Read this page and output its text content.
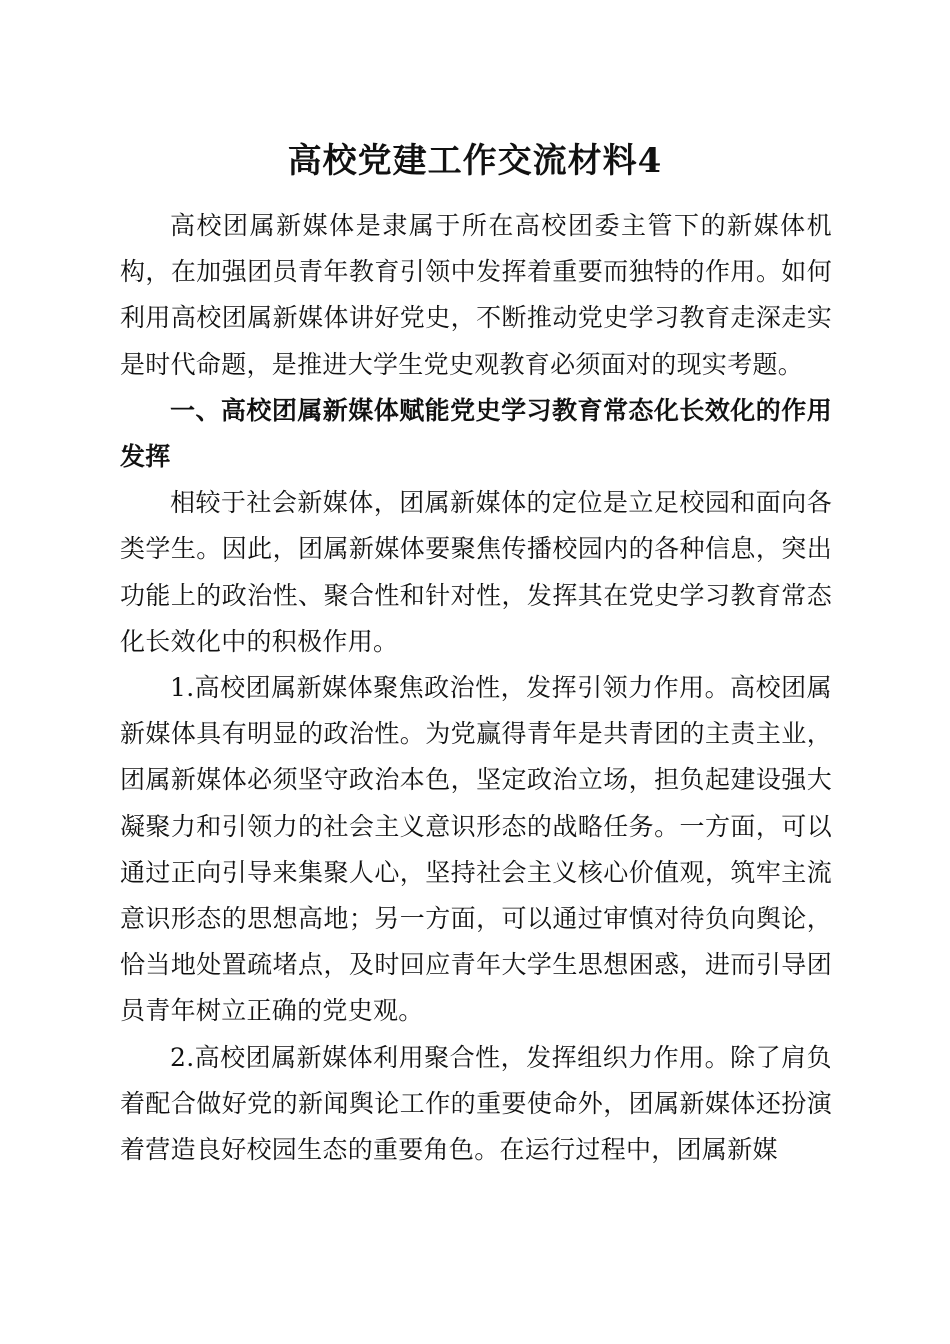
高校党建工作交流材料4

高校团属新媒体是隶属于所在高校团委主管下的新媒体机构，在加强团员青年教育引领中发挥着重要而独特的作用。如何利用高校团属新媒体讲好党史，不断推动党史学习教育走深走实是时代命题，是推进大学生党史观教育必须面对的现实考题。

一、高校团属新媒体赋能党史学习教育常态化长效化的作用发挥

相较于社会新媒体，团属新媒体的定位是立足校园和面向各类学生。因此，团属新媒体要聚焦传播校园内的各种信息，突出功能上的政治性、聚合性和针对性，发挥其在党史学习教育常态化长效化中的积极作用。

1.高校团属新媒体聚焦政治性，发挥引领力作用。高校团属新媒体具有明显的政治性。为党赢得青年是共青团的主责主业，团属新媒体必须坚守政治本色，坚定政治立场，担负起建设强大凝聚力和引领力的社会主义意识形态的战略任务。一方面，可以通过正向引导来集聚人心，坚持社会主义核心价值观，筑牢主流意识形态的思想高地；另一方面，可以通过审慎对待负向舆论，恰当地处置疏堵点，及时回应青年大学生思想困惑，进而引导团员青年树立正确的党史观。

2.高校团属新媒体利用聚合性，发挥组织力作用。除了肩负着配合做好党的新闻舆论工作的重要使命外，团属新媒体还扮演着营造良好校园生态的重要角色。在运行过程中，团属新媒
